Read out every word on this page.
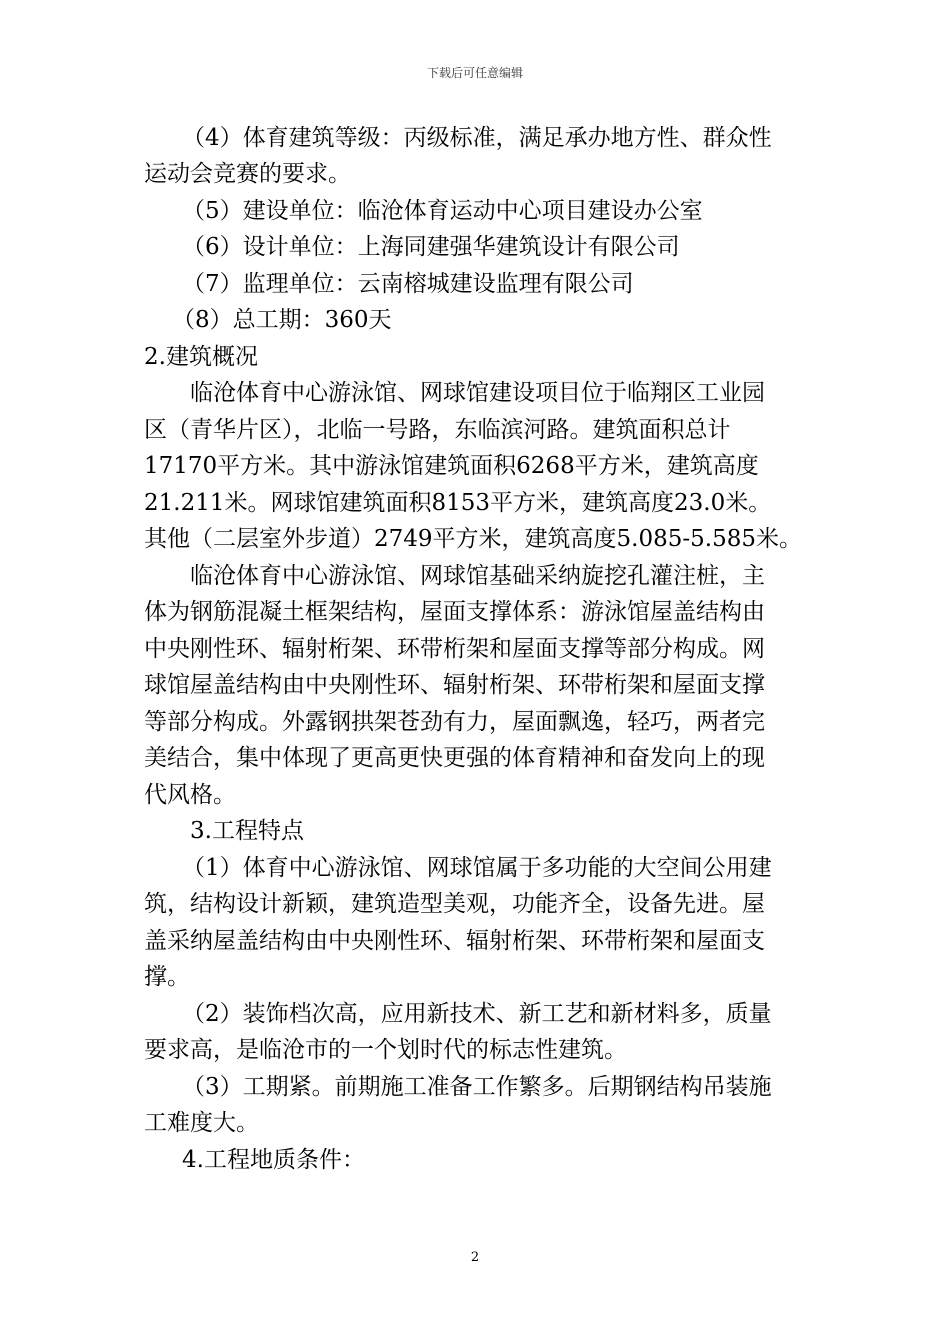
下载后可任意编辑
（4）体育建筑等级：丙级标准，满足承办地方性、群众性
运动会竞赛的要求。
（5）建设单位：临沧体育运动中心项目建设办公室
（6）设计单位：上海同建强华建筑设计有限公司
（7）监理单位：云南榕城建设监理有限公司
（8）总工期：360天
2.建筑概况
临沧体育中心游泳馆、网球馆建设项目位于临翔区工业园
区（青华片区），北临一号路，东临滨河路。建筑面积总计
17170平方米。其中游泳馆建筑面积6268平方米，建筑高度
21.211米。网球馆建筑面积8153平方米，建筑高度23.0米。
其他（二层室外步道）2749平方米，建筑高度5.085-5.585米。
临沧体育中心游泳馆、网球馆基础采纳旋挖孔灌注桩，主
体为钢筋混凝土框架结构，屋面支撑体系：游泳馆屋盖结构由
中央刚性环、辐射桁架、环带桁架和屋面支撑等部分构成。网
球馆屋盖结构由中央刚性环、辐射桁架、环带桁架和屋面支撑
等部分构成。外露钢拱架苍劲有力，屋面飘逸，轻巧，两者完
美结合，集中体现了更高更快更强的体育精神和奋发向上的现
代风格。
3.工程特点
（1）体育中心游泳馆、网球馆属于多功能的大空间公用建
筑，结构设计新颖，建筑造型美观，功能齐全，设备先进。屋
盖采纳屋盖结构由中央刚性环、辐射桁架、环带桁架和屋面支
撑。
（2）装饰档次高，应用新技术、新工艺和新材料多，质量
要求高，是临沧市的一个划时代的标志性建筑。
（3）工期紧。前期施工准备工作繁多。后期钢结构吊装施
工难度大。
4.工程地质条件：
2
